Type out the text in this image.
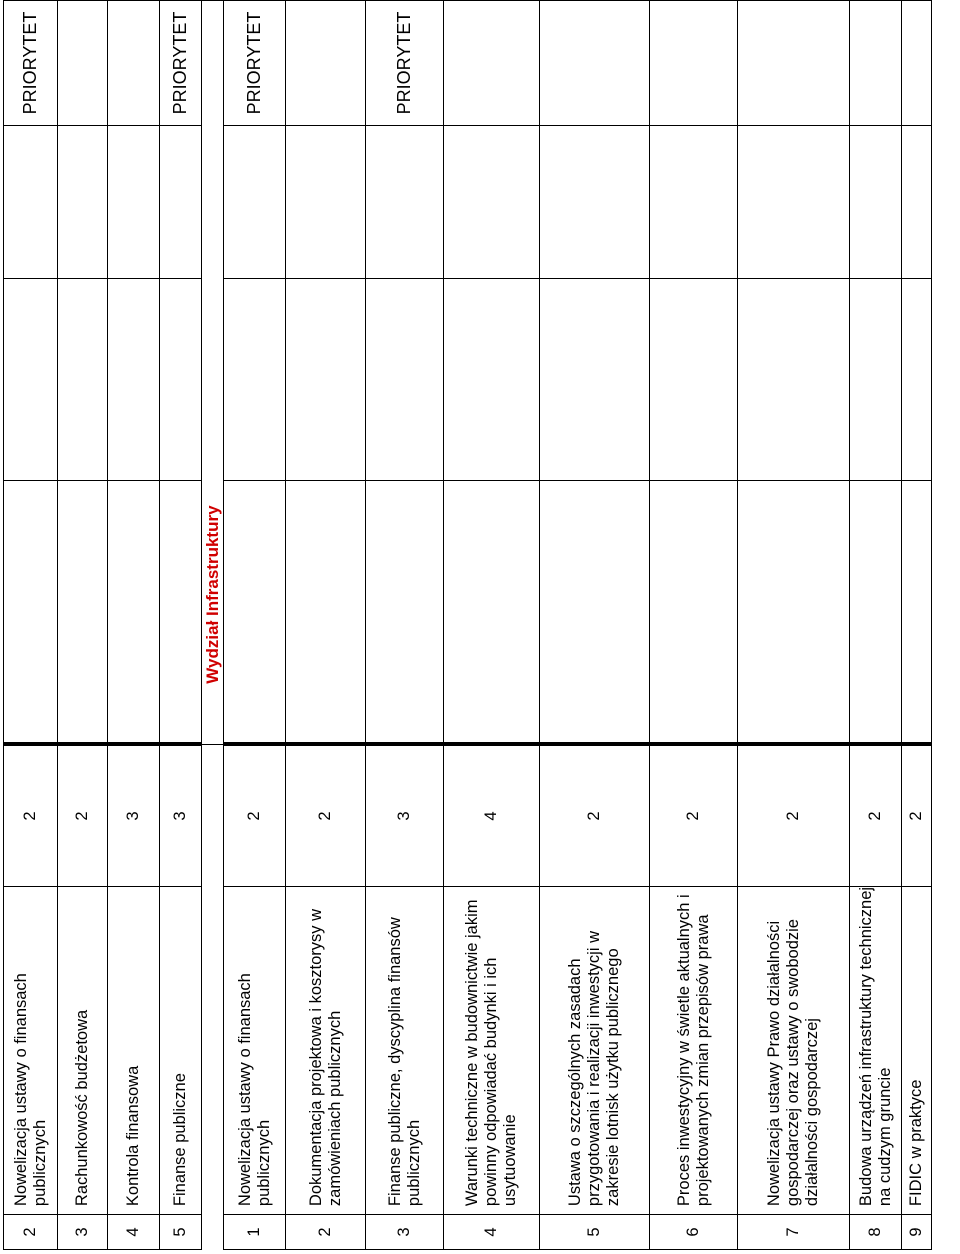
2	Nowelizacja ustawy o finansach publicznych	2				PRIORYTET
3	Rachunkowość budżetowa	2				
4	Kontrola finansowa	3				
5	Finanse publiczne	3				PRIORYTET
			Wydział Infrastruktury			
1	Nowelizacja ustawy o finansach publicznych	2				PRIORYTET
2	Dokumentacja projektowa i kosztorysy w zamówieniach publicznych	2				
3	Finanse publiczne, dyscyplina finansów publicznych	3				PRIORYTET
4	Warunki techniczne w budownictwie jakim powinny odpowiadać budynki i ich usytuowanie	4				
5	Ustawa o szczególnych zasadach przygotowania i realizacji inwestycji w zakresie lotnisk użytku publicznego	2				
6	Proces inwestycyjny w świetle aktualnych i projektowanych zmian przepisów prawa	2				
7	Nowelizacja ustawy Prawo działalności gospodarczej oraz ustawy o swobodzie działalności gospodarczej	2				
8	Budowa urządzeń infrastruktury technicznej na cudzym gruncie	2				
9	FIDIC w praktyce	2				
